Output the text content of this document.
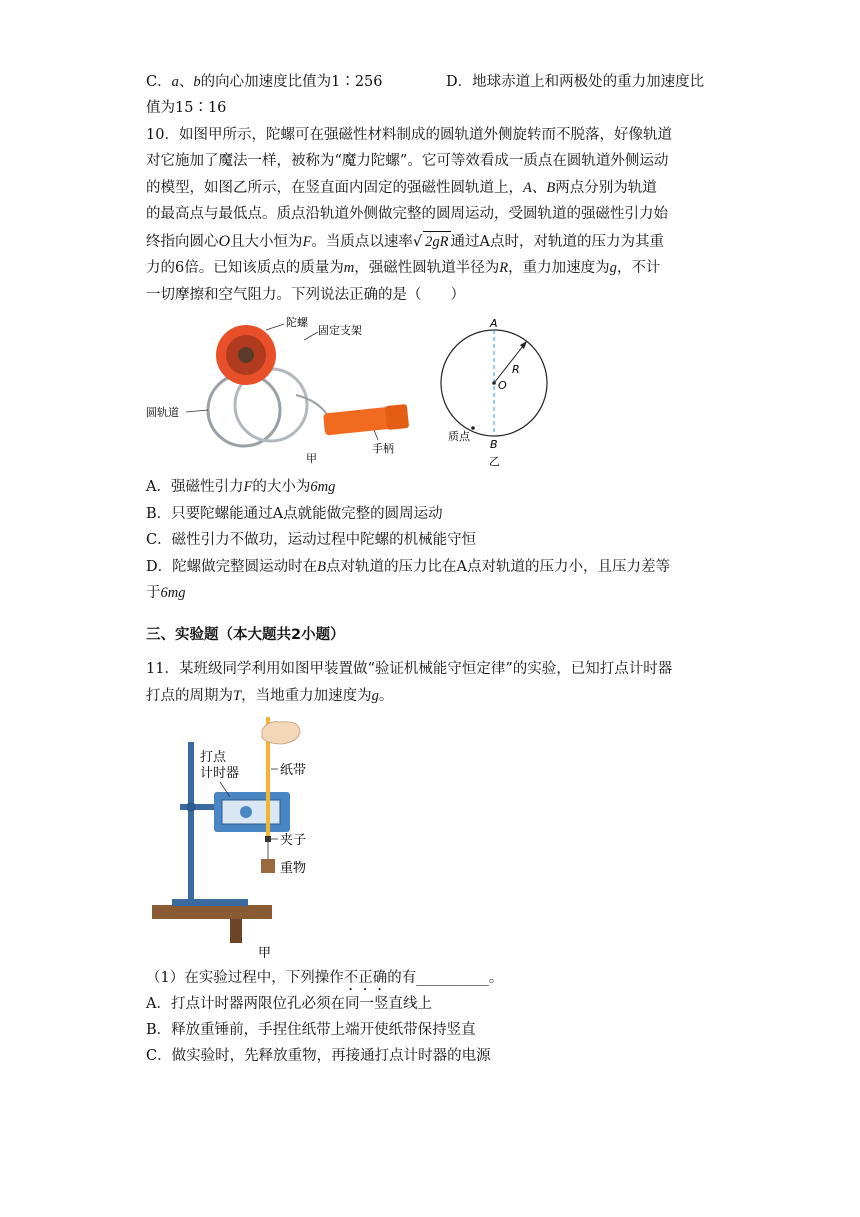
C．a、b的向心加速度比值为1∶256	D．地球赤道上和两极处的重力加速度比
值为15∶16
10．如图甲所示，陀螺可在强磁性材料制成的圆轨道外侧旋转而不脱落，好像轨道
对它施加了魔法一样，被称为“魔力陀螺”。它可等效看成一质点在圆轨道外侧运动
的模型，如图乙所示，在竖直面内固定的强磁性圆轨道上，A、B两点分别为轨道
的最高点与最低点。质点沿轨道外侧做完整的圆周运动，受圆轨道的强磁性引力始
终指向圆心O且大小恒为F。当质点以速率√ 2gR 通过A点时，对轨道的压力为其重
力的6倍。已知该质点的质量为m，强磁性圆轨道半径为R，重力加速度为g，不计
一切摩擦和空气阻力。下列说法正确的是（　　）
陀螺
固定支架
圆轨道
手柄
甲
A
R
O
B
质点
乙
A．强磁性引力F的大小为6mg
B．只要陀螺能通过A点就能做完整的圆周运动
C．磁性引力不做功，运动过程中陀螺的机械能守恒
D．陀螺做完整圆运动时在B点对轨道的压力比在A点对轨道的压力小，且压力差等
于6mg
三、实验题（本大题共2小题）
11．某班级同学利用如图甲装置做“验证机械能守恒定律”的实验，已知打点计时器
打点的周期为T，当地重力加速度为g。
打点
计时器	纸带
夹子
重物
甲
（1）在实验过程中，下列操作不正确的有__________。
A．打点计时器两限位孔必须在同一竖直线上
B．释放重锤前，手捏住纸带上端开使纸带保持竖直
C．做实验时，先释放重物，再接通打点计时器的电源
